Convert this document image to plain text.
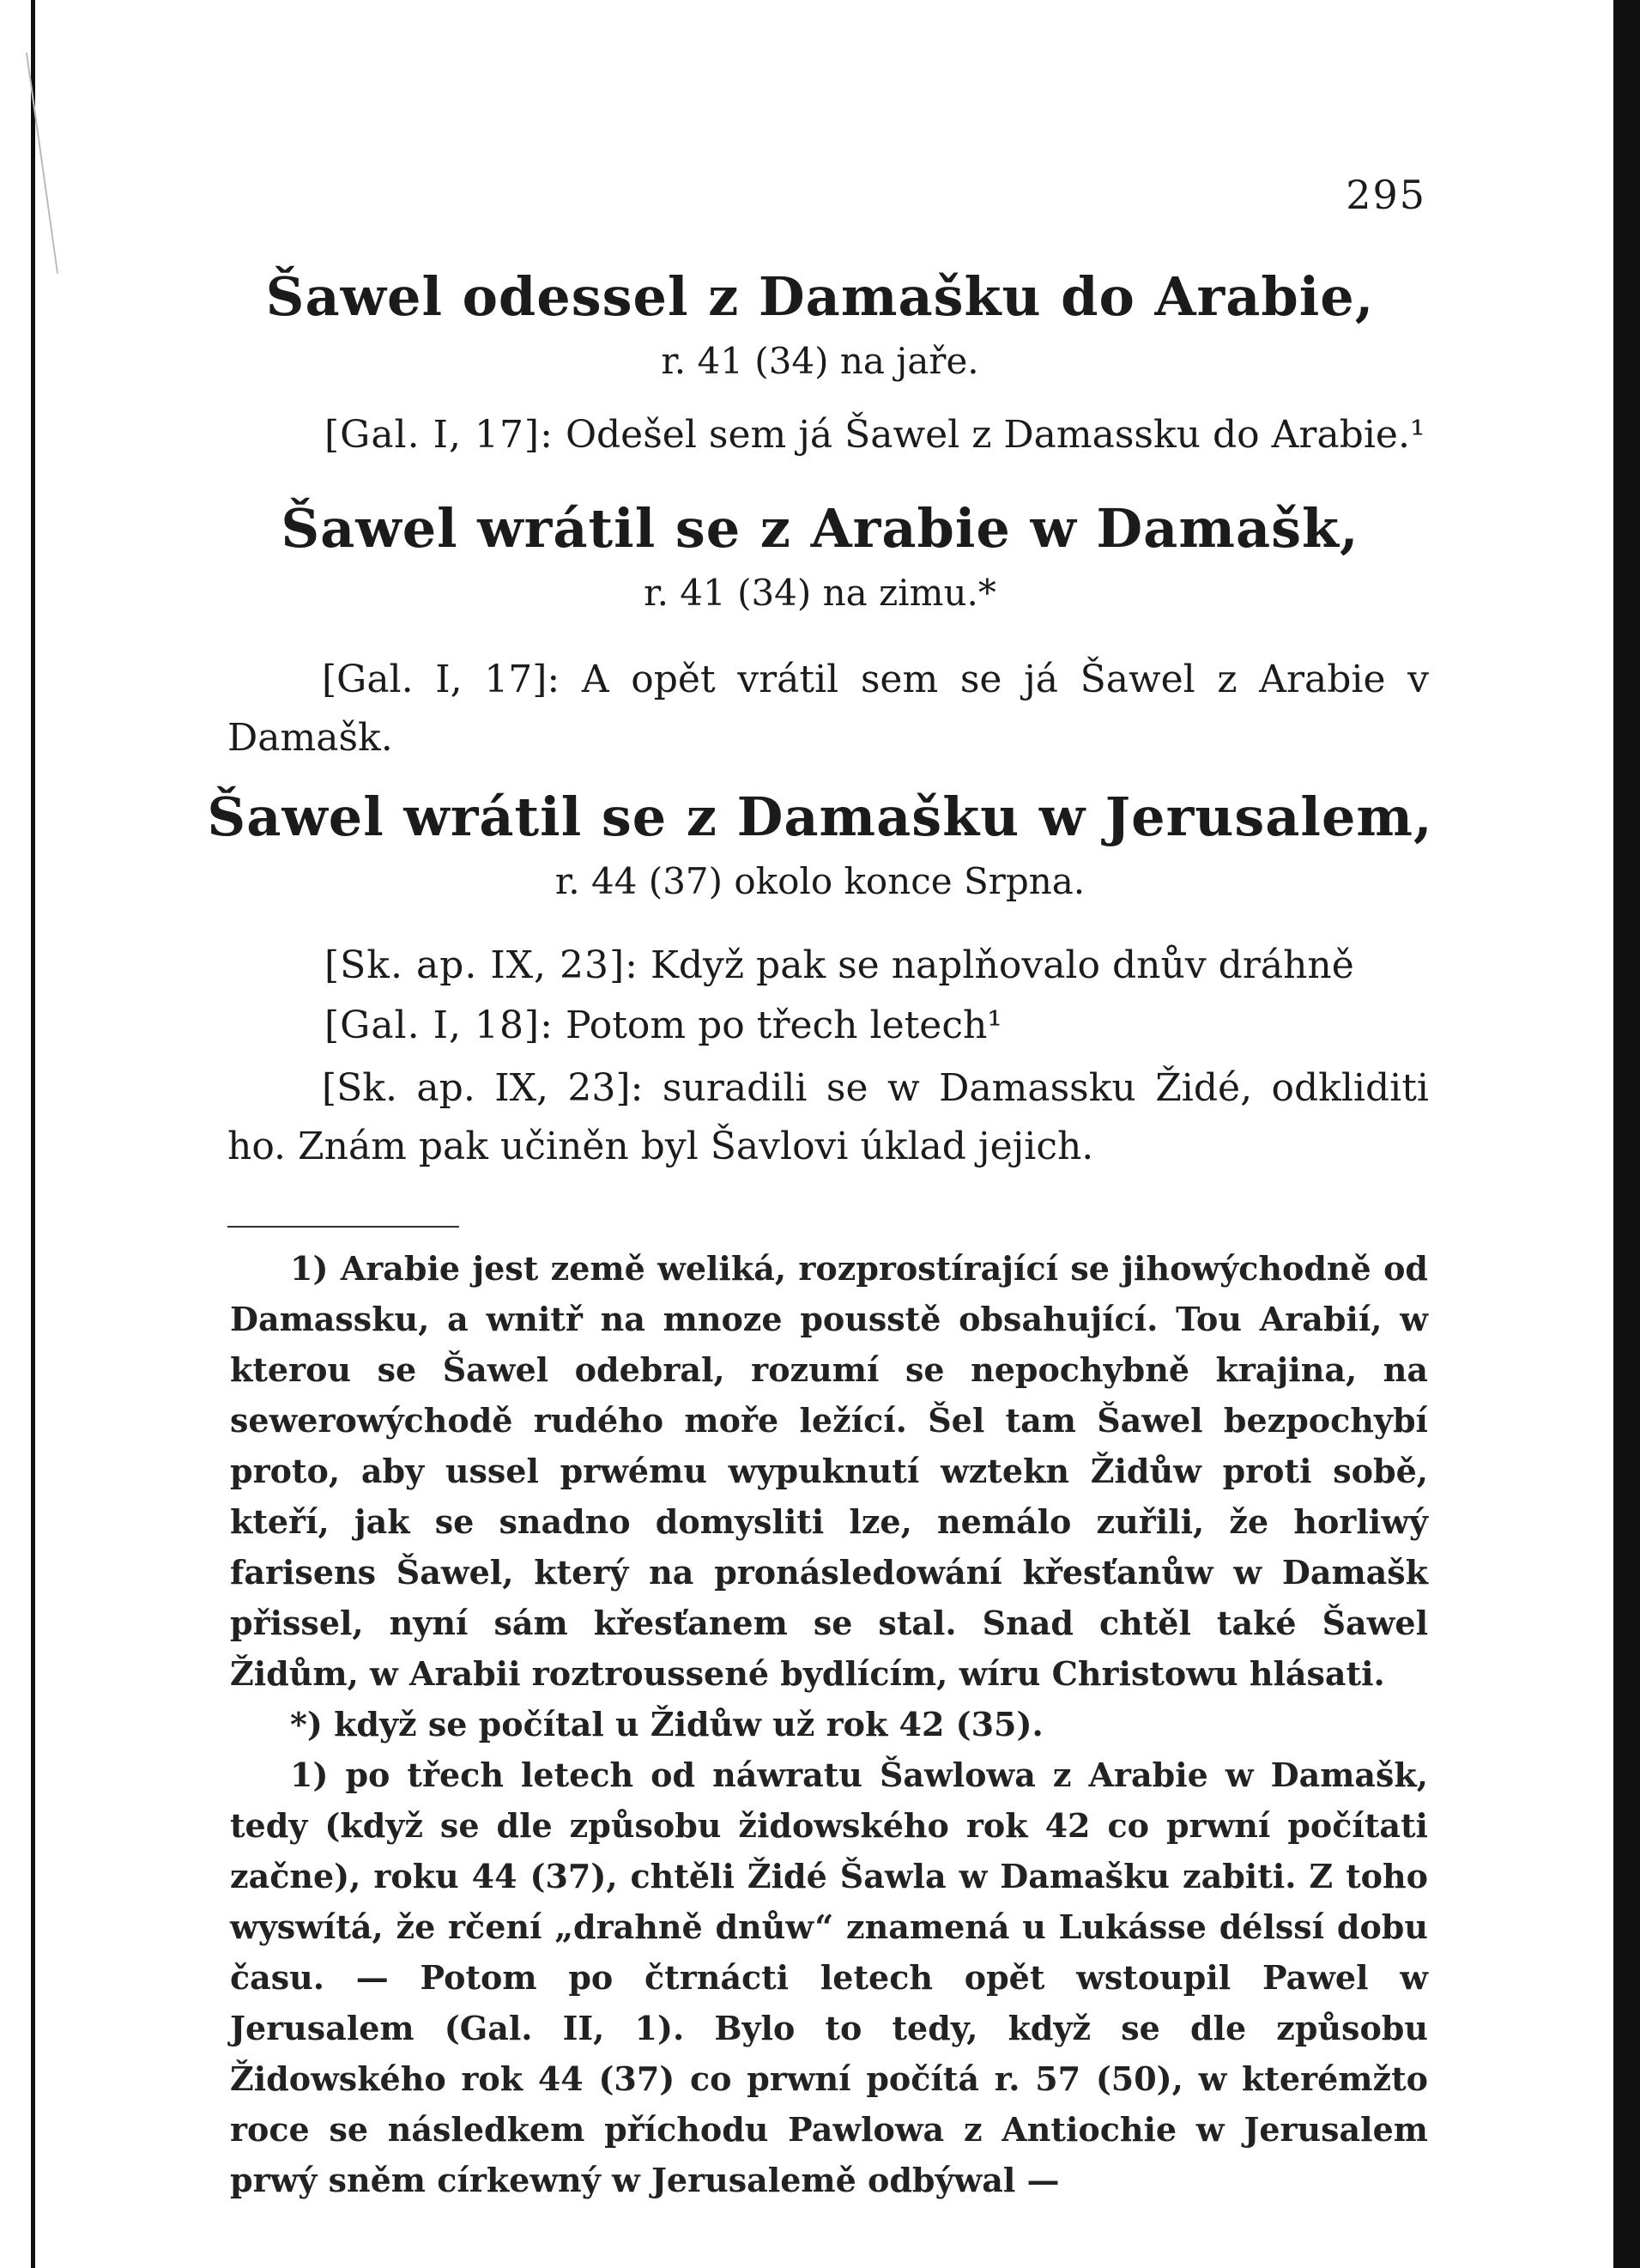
295
Šawel odessel z Damašku do Arabie,
r. 41 (34) na jaře.
[Gal. I, 17]: Odešel sem já Šawel z Damassku do Arabie.¹
Šawel wrátil se z Arabie w Damašk,
r. 41 (34) na zimu.*
[Gal. I, 17]: A opět vrátil sem se já Šawel z Arabie v Damašk.
Šawel wrátil se z Damašku w Jerusalem,
r. 44 (37) okolo konce Srpna.
[Sk. ap. IX, 23]: Když pak se naplňovalo dnův dráhně
[Gal. I, 18]: Potom po třech letech¹
[Sk. ap. IX, 23]: suradili se w Damassku Židé, odkliditi ho. Znám pak učiněn byl Šavlovi úklad jejich.

1) Arabie jest země weliká, rozprostírající se jihowýchodně od Damassku, a wnitř na mnoze pousstě obsahující. Tou Arabií, w kterou se Šawel odebral, rozumí se nepochybně krajina, na sewerowýchodě rudého moře ležící. Šel tam Šawel bezpochybí proto, aby ussel prwému wypuknutí wztekn Židůw proti sobě, kteří, jak se snadno domysliti lze, nemálo zuřili, že horliwý farisens Šawel, který na pronásledowání křesťanůw w Damašk přissel, nyní sám křesťanem se stal. Snad chtěl také Šawel Židům, w Arabii roztroussené bydlícím, wíru Christowu hlásati.

*) když se počítal u Židůw už rok 42 (35).

1) po třech letech od náwratu Šawlowa z Arabie w Damašk, tedy (když se dle způsobu židowského rok 42 co prwní počítati začne), roku 44 (37), chtěli Židé Šawla w Damašku zabiti. Z toho wyswítá, že rčení „drahně dnůw“ znamená u Lukásse délssí dobu času. — Potom po čtrnácti letech opět wstoupil Pawel w Jerusalem (Gal. II, 1). Bylo to tedy, když se dle způsobu Židowského rok 44 (37) co prwní počítá r. 57 (50), w kterémžto roce se následkem příchodu Pawlowa z Antiochie w Jerusalem prwý sněm církewný w Jerusalemě odbýwal —
